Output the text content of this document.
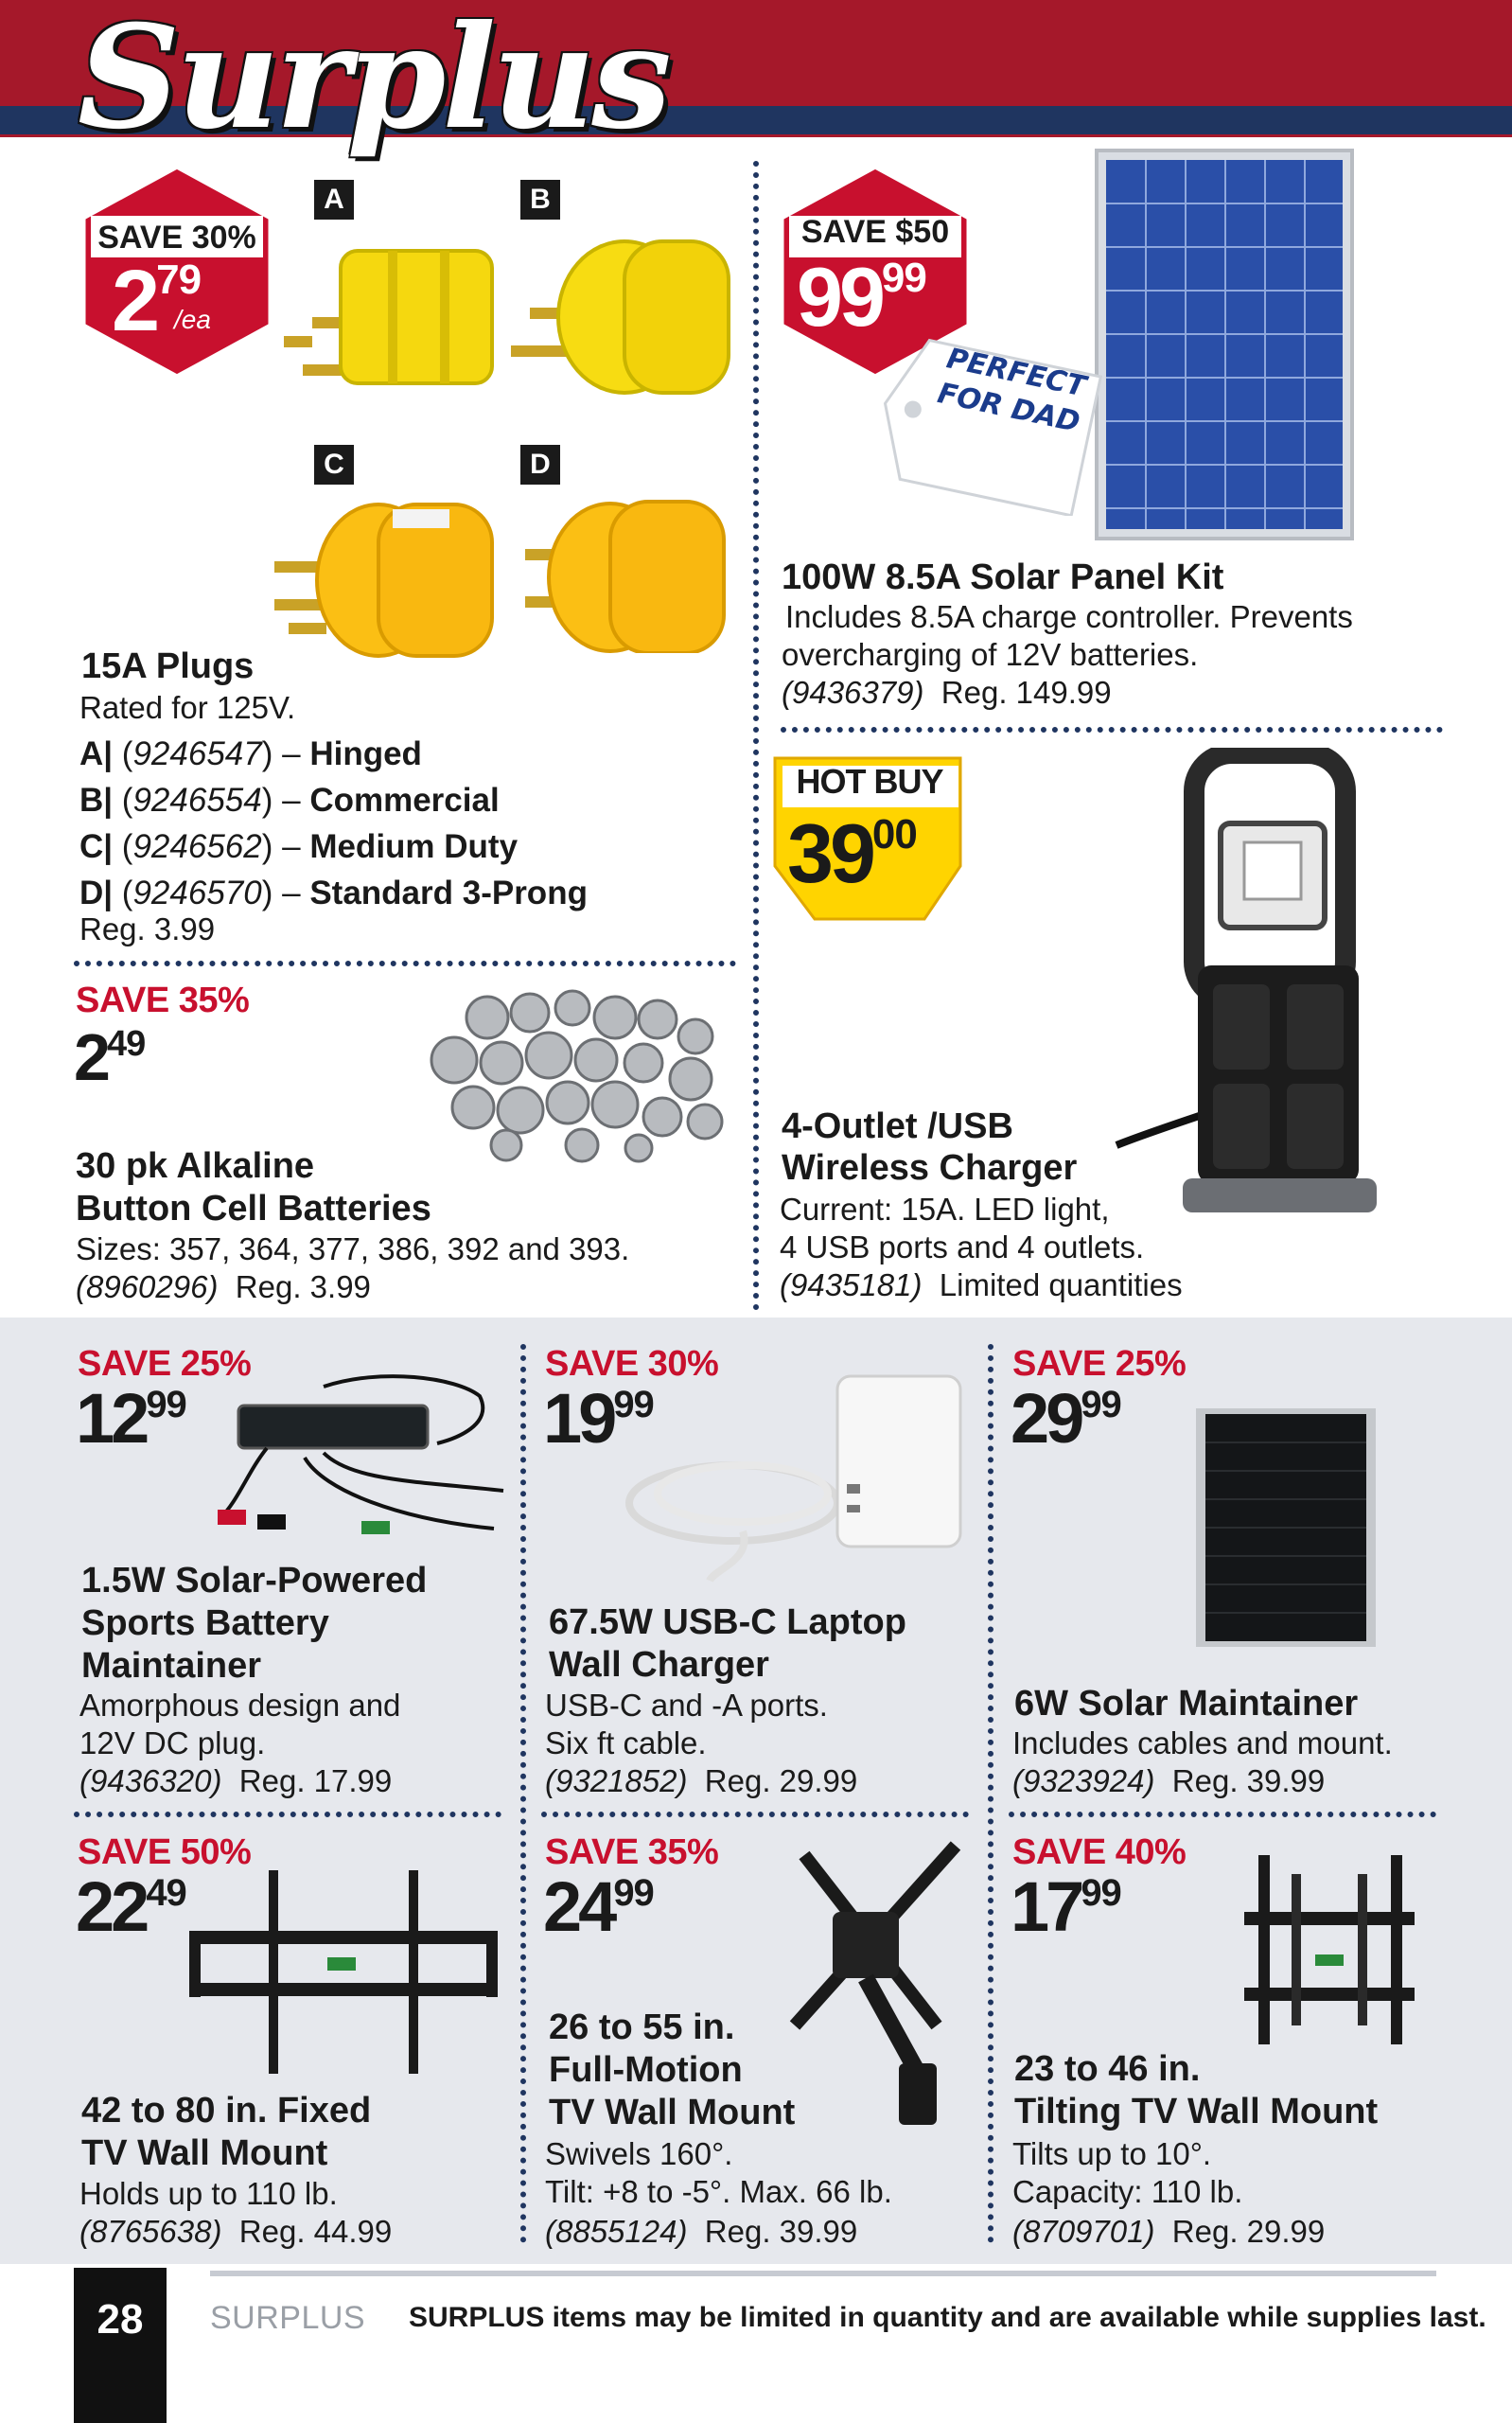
Surplus
SAVE 30%
$2^{79}$
/ea
A	B
C	D
15A Plugs
Rated for 125V.
A| (9246547) – Hinged
B| (9246554) – Commercial
C| (9246562) – Medium Duty
D| (9246570) – Standard 3-Prong
Reg. 3.99
SAVE $50
$99^{99}$
PERFECT FOR DAD
100W 8.5A Solar Panel Kit
Includes 8.5A charge controller. Prevents
overcharging of 12V batteries.
(9436379) Reg. 149.99
SAVE 35%
$2^{49}$
30 pk Alkaline
Button Cell Batteries
Sizes: 357, 364, 377, 386, 392 and 393.
(8960296) Reg. 3.99
HOT BUY
$39^{00}$
4-Outlet /USB
Wireless Charger
Current: 15A. LED light,
4 USB ports and 4 outlets.
(9435181) Limited quantities
SAVE 25%
$12^{99}$
1.5W Solar-Powered
Sports Battery
Maintainer
Amorphous design and
12V DC plug.
(9436320) Reg. 17.99
SAVE 30%
$19^{99}$
67.5W USB-C Laptop
Wall Charger
USB-C and -A ports.
Six ft cable.
(9321852) Reg. 29.99
SAVE 25%
$29^{99}$
6W Solar Maintainer
Includes cables and mount.
(9323924) Reg. 39.99
SAVE 50%
$22^{49}$
42 to 80 in. Fixed
TV Wall Mount
Holds up to 110 lb.
(8765638) Reg. 44.99
SAVE 35%
$24^{99}$
26 to 55 in.
Full-Motion
TV Wall Mount
Swivels 160°.
Tilt: +8 to -5°. Max. 66 lb.
(8855124) Reg. 39.99
SAVE 40%
$17^{99}$
23 to 46 in.
Tilting TV Wall Mount
Tilts up to 10°.
Capacity: 110 lb.
(8709701) Reg. 29.99
28	SURPLUS SURPLUS items may be limited in quantity and are available while supplies last.
